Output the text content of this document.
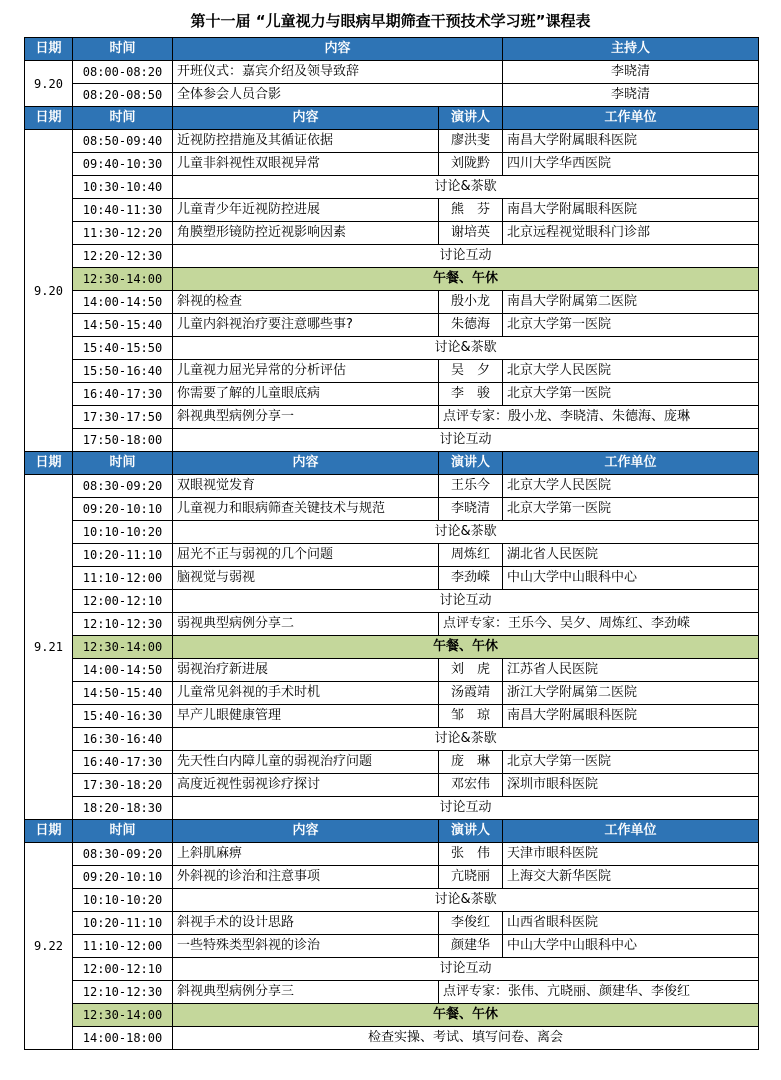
第十一届 “儿童视力与眼病早期筛查干预技术学习班”课程表
日期	时间	内容		主持人
9.20	08:00-08:20	开班仪式：嘉宾介绍及领导致辞		李晓清
	08:20-08:50	全体参会人员合影		李晓清
日期	时间	内容	演讲人	工作单位
9.20	08:50-09:40	近视防控措施及其循证依据	廖洪斐	南昌大学附属眼科医院
	09:40-10:30	儿童非斜视性双眼视异常	刘陇黔	四川大学华西医院
	10:30-10:40	讨论&茶歇		
	10:40-11:30	儿童青少年近视防控进展	熊　芬	南昌大学附属眼科医院
	11:30-12:20	角膜塑形镜防控近视影响因素	谢培英	北京远程视觉眼科门诊部
	12:20-12:30	讨论互动		
	12:30-14:00	午餐、午休		
	14:00-14:50	斜视的检查	殷小龙	南昌大学附属第二医院
	14:50-15:40	儿童内斜视治疗要注意哪些事?	朱德海	北京大学第一医院
	15:40-15:50	讨论&茶歇		
	15:50-16:40	儿童视力屈光异常的分析评估	吴　夕	北京大学人民医院
	16:40-17:30	你需要了解的儿童眼底病	李　骏	北京大学第一医院
	17:30-17:50	斜视典型病例分享一	点评专家：殷小龙、李晓清、朱德海、庞琳	
	17:50-18:00	讨论互动		
日期	时间	内容	演讲人	工作单位
9.21	08:30-09:20	双眼视觉发育	王乐今	北京大学人民医院
	09:20-10:10	儿童视力和眼病筛查关键技术与规范	李晓清	北京大学第一医院
	10:10-10:20	讨论&茶歇		
	10:20-11:10	屈光不正与弱视的几个问题	周炼红	湖北省人民医院
	11:10-12:00	脑视觉与弱视	李劲嵘	中山大学中山眼科中心
	12:00-12:10	讨论互动		
	12:10-12:30	弱视典型病例分享二	点评专家：王乐今、吴夕、周炼红、李劲嵘	
	12:30-14:00	午餐、午休		
	14:00-14:50	弱视治疗新进展	刘　虎	江苏省人民医院
	14:50-15:40	儿童常见斜视的手术时机	汤霞靖	浙江大学附属第二医院
	15:40-16:30	早产儿眼健康管理	邹　琼	南昌大学附属眼科医院
	16:30-16:40	讨论&茶歇		
	16:40-17:30	先天性白内障儿童的弱视治疗问题	庞　琳	北京大学第一医院
	17:30-18:20	高度近视性弱视诊疗探讨	邓宏伟	深圳市眼科医院
	18:20-18:30	讨论互动		
日期	时间	内容	演讲人	工作单位
9.22	08:30-09:20	上斜肌麻痹	张　伟	天津市眼科医院
	09:20-10:10	外斜视的诊治和注意事项	亢晓丽	上海交大新华医院
	10:10-10:20	讨论&茶歇		
	10:20-11:10	斜视手术的设计思路	李俊红	山西省眼科医院
	11:10-12:00	一些特殊类型斜视的诊治	颜建华	中山大学中山眼科中心
	12:00-12:10	讨论互动		
	12:10-12:30	斜视典型病例分享三	点评专家：张伟、亢晓丽、颜建华、李俊红	
	12:30-14:00	午餐、午休		
	14:00-18:00	检查实操、考试、填写问卷、离会		
